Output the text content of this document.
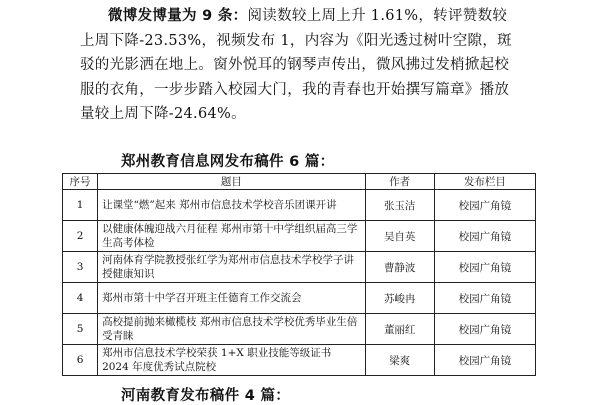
微博发博量为 9 条：阅读数较上周上升 1.61%，转评赞数较上周下降-23.53%，视频发布 1，内容为《阳光透过树叶空隙，斑驳的光影洒在地上。窗外悦耳的钢琴声传出，微风拂过发梢掀起校服的衣角，一步步踏入校园大门，我的青春也开始撰写篇章》播放量较上周下降-24.64%。
郑州教育信息网发布稿件 6 篇：
序号	题目	作者	发布栏目
1	让课堂“燃”起来 郑州市信息技术学校音乐团课开讲	张玉洁	校园广角镜
2	以健康体魄迎战六月征程 郑州市第十中学组织届高三学生高考体检	吴自英	校园广角镜
3	河南体育学院教授张红学为郑州市信息技术学校学子讲授健康知识	曹静波	校园广角镜
4	郑州市第十中学召开班主任德育工作交流会	苏峻冉	校园广角镜
5	高校提前抛来橄榄枝 郑州市信息技术学校优秀毕业生倍受青睐	董丽红	校园广角镜
6	郑州市信息技术学校荣获 1+X 职业技能等级证书 2024 年度优秀试点院校	梁爽	校园广角镜
河南教育发布稿件 4 篇：
